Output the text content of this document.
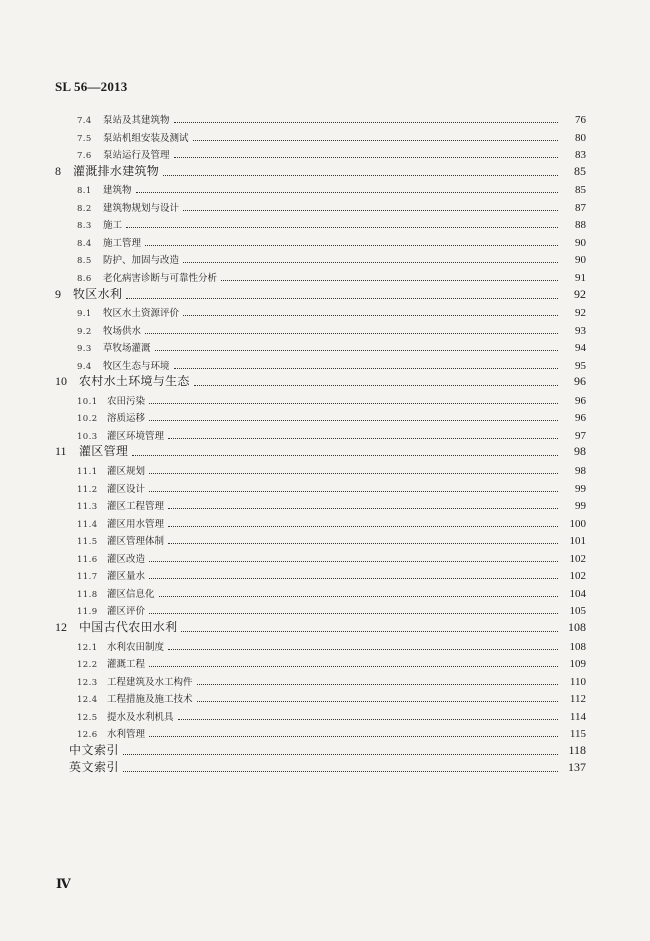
SL 56—2013
7.4	泵站及其建筑物	76
7.5	泵站机组安装及测试	80
7.6	泵站运行及管理	83
8	灌溉排水建筑物	85
8.1	建筑物	85
8.2	建筑物规划与设计	87
8.3	施工	88
8.4	施工管理	90
8.5	防护、加固与改造	90
8.6	老化病害诊断与可靠性分析	91
9	牧区水利	92
9.1	牧区水土资源评价	92
9.2	牧场供水	93
9.3	草牧场灌溉	94
9.4	牧区生态与环境	95
10	农村水土环境与生态	96
10.1 农田污染	96
10.2 溶质运移	96
10.3 灌区环境管理	97
11	灌区管理	98
11.1 灌区规划	98
11.2 灌区设计	99
11.3 灌区工程管理	99
11.4 灌区用水管理	100
11.5 灌区管理体制	101
11.6 灌区改造	102
11.7 灌区量水	102
11.8 灌区信息化	104
11.9 灌区评价	105
12	中国古代农田水利	108
12.1 水利农田制度	108
12.2 灌溉工程	109
12.3 工程建筑及水工构件	110
12.4 工程措施及施工技术	112
12.5 提水及水利机具	114
12.6 水利管理	115
中文索引	118
英文索引	137
Ⅳ
